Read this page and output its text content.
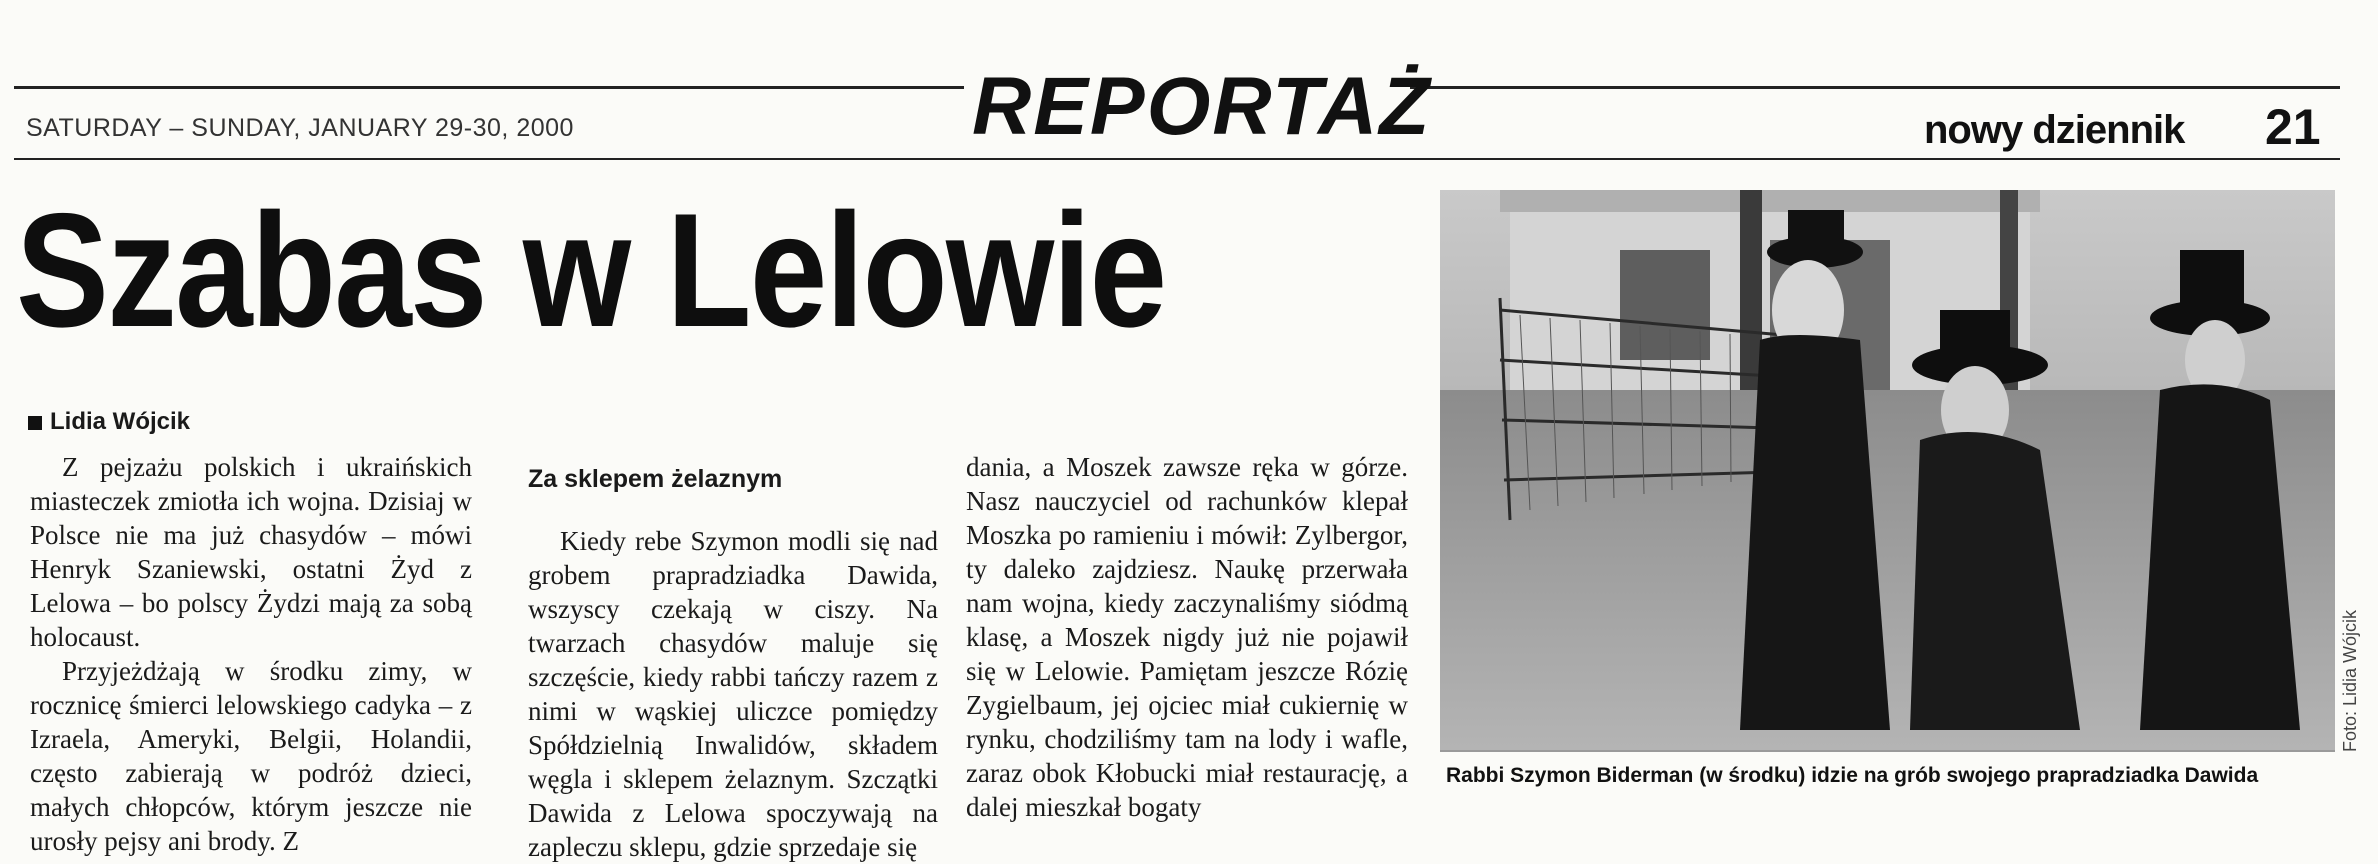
SATURDAY – SUNDAY, JANUARY 29-30, 2000	REPORTAŻ	nowy dziennik 21
Szabas w Lelowie
Lidia Wójcik

Z pejzażu polskich i ukraińskich miasteczek zmiotła ich wojna. Dzisiaj w Polsce nie ma już chasydów – mówi Henryk Szaniewski, ostatni Żyd z Lelowa – bo polscy Żydzi mają za sobą holocaust.

Przyjeżdżają w środku zimy, w rocznicę śmierci lelowskiego cadyka – z Izraela, Ameryki, Belgii, Holandii, często zabierają w podróż dzieci, małych chłopców, którym jeszcze nie urosły pejsy ani brody. Z

Za sklepem żelaznym

Kiedy rebe Szymon modli się nad grobem prapradziadka Dawida, wszyscy czekają w ciszy. Na twarzach chasydów maluje się szczęście, kiedy rabbi tańczy razem z nimi w wąskiej uliczce pomiędzy Spółdzielnią Inwalidów, składem węgla i sklepem żelaznym. Szczątki Dawida z Lelowa spoczywają na zapleczu sklepu, gdzie sprzedaje się

dania, a Moszek zawsze ręka w górze. Nasz nauczyciel od rachunków klepał Moszka po ramieniu i mówił: Zylbergor, ty daleko zajdziesz. Naukę przerwała nam wojna, kiedy zaczynaliśmy siódmą klasę, a Moszek nigdy już nie pojawił się w Lelowie. Pamiętam jeszcze Rózię Zygielbaum, jej ojciec miał cukiernię w rynku, chodziliśmy tam na lody i wafle, zaraz obok Kłobucki miał restaurację, a dalej mieszkał bogaty

Foto: Lidia Wójcik
Rabbi Szymon Biderman (w środku) idzie na grób swojego prapradziadka Dawida
